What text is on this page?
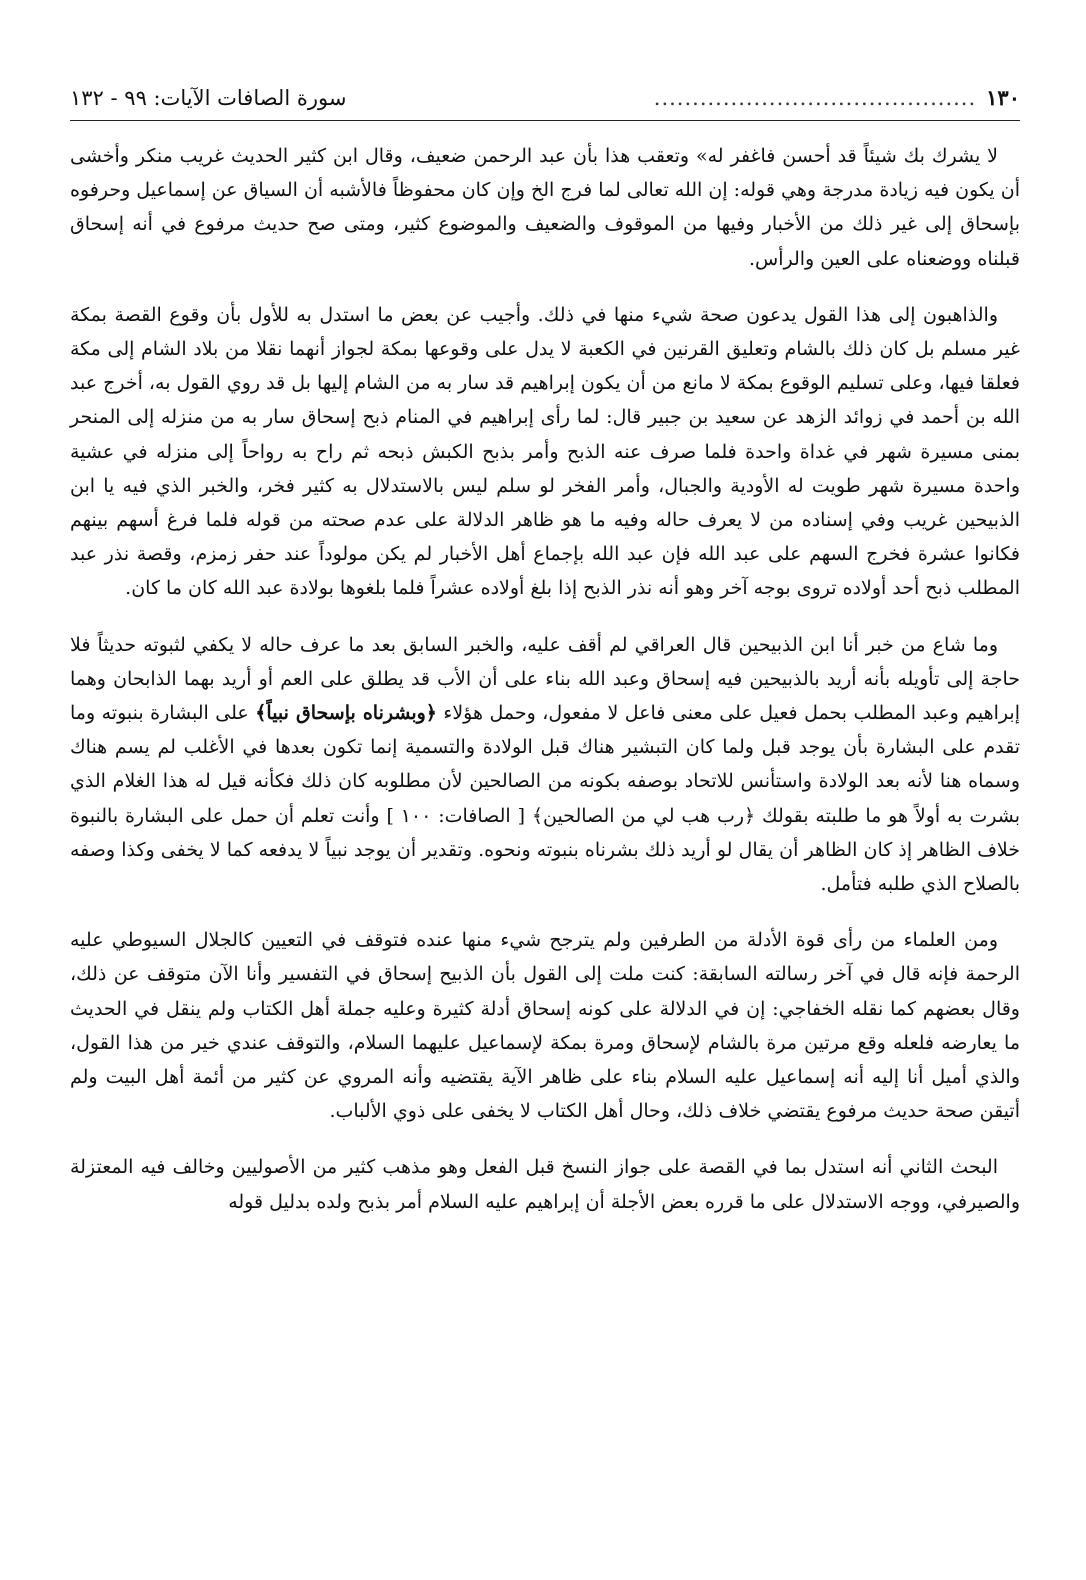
١٣٠
..........................................
سورة الصافات الآيات: ٩٩ - ١٣٢

لا يشرك بك شيئاً قد أحسن فاغفر له» وتعقب هذا بأن عبد الرحمن ضعيف، وقال ابن كثير الحديث غريب منكر وأخشى أن يكون فيه زيادة مدرجة وهي قوله: إن الله تعالى لما فرج الخ وإن كان محفوظاً فالأشبه أن السياق عن إسماعيل وحرفوه بإسحاق إلى غير ذلك من الأخبار وفيها من الموقوف والضعيف والموضوع كثير، ومتى صح حديث مرفوع في أنه إسحاق قبلناه ووضعناه على العين والرأس.

والذاهبون إلى هذا القول يدعون صحة شيء منها في ذلك. وأجيب عن بعض ما استدل به للأول بأن وقوع القصة بمكة غير مسلم بل كان ذلك بالشام وتعليق القرنين في الكعبة لا يدل على وقوعها بمكة لجواز أنهما نقلا من بلاد الشام إلى مكة فعلقا فيها، وعلى تسليم الوقوع بمكة لا مانع من أن يكون إبراهيم قد سار به من الشام إليها بل قد روي القول به، أخرج عبد الله بن أحمد في زوائد الزهد عن سعيد بن جبير قال: لما رأى إبراهيم في المنام ذبح إسحاق سار به من منزله إلى المنحر بمنى مسيرة شهر في غداة واحدة فلما صرف عنه الذبح وأمر بذبح الكبش ذبحه ثم راح به رواحاً إلى منزله في عشية واحدة مسيرة شهر طويت له الأودية والجبال، وأمر الفخر لو سلم ليس بالاستدلال به كثير فخر، والخبر الذي فيه يا ابن الذبيحين غريب وفي إسناده من لا يعرف حاله وفيه ما هو ظاهر الدلالة على عدم صحته من قوله فلما فرغ أسهم بينهم فكانوا عشرة فخرج السهم على عبد الله فإن عبد الله بإجماع أهل الأخبار لم يكن مولوداً عند حفر زمزم، وقصة نذر عبد المطلب ذبح أحد أولاده تروى بوجه آخر وهو أنه نذر الذبح إذا بلغ أولاده عشراً فلما بلغوها بولادة عبد الله كان ما كان.

وما شاع من خبر أنا ابن الذبيحين قال العراقي لم أقف عليه، والخبر السابق بعد ما عرف حاله لا يكفي لثبوته حديثاً فلا حاجة إلى تأويله بأنه أريد بالذبيحين فيه إسحاق وعبد الله بناء على أن الأب قد يطلق على العم أو أريد بهما الذابحان وهما إبراهيم وعبد المطلب بحمل فعيل على معنى فاعل لا مفعول، وحمل هؤلاء ﴿وبشرناه بإسحاق نبياً﴾ على البشارة بنبوته وما تقدم على البشارة بأن يوجد قبل ولما كان التبشير هناك قبل الولادة والتسمية إنما تكون بعدها في الأغلب لم يسم هناك وسماه هنا لأنه بعد الولادة واستأنس للاتحاد بوصفه بكونه من الصالحين لأن مطلوبه كان ذلك فكأنه قيل له هذا الغلام الذي بشرت به أولاً هو ما طلبته بقولك ﴿رب هب لي من الصالحين﴾ [ الصافات: ١٠٠ ] وأنت تعلم أن حمل على البشارة بالنبوة خلاف الظاهر إذ كان الظاهر أن يقال لو أريد ذلك بشرناه بنبوته ونحوه. وتقدير أن يوجد نبياً لا يدفعه كما لا يخفى وكذا وصفه بالصلاح الذي طلبه فتأمل.

ومن العلماء من رأى قوة الأدلة من الطرفين ولم يترجح شيء منها عنده فتوقف في التعيين كالجلال السيوطي عليه الرحمة فإنه قال في آخر رسالته السابقة: كنت ملت إلى القول بأن الذبيح إسحاق في التفسير وأنا الآن متوقف عن ذلك، وقال بعضهم كما نقله الخفاجي: إن في الدلالة على كونه إسحاق أدلة كثيرة وعليه جملة أهل الكتاب ولم ينقل في الحديث ما يعارضه فلعله وقع مرتين مرة بالشام لإسحاق ومرة بمكة لإسماعيل عليهما السلام، والتوقف عندي خير من هذا القول، والذي أميل أنا إليه أنه إسماعيل عليه السلام بناء على ظاهر الآية يقتضيه وأنه المروي عن كثير من أئمة أهل البيت ولم أتيقن صحة حديث مرفوع يقتضي خلاف ذلك، وحال أهل الكتاب لا يخفى على ذوي الألباب.

البحث الثاني أنه استدل بما في القصة على جواز النسخ قبل الفعل وهو مذهب كثير من الأصوليين وخالف فيه المعتزلة والصيرفي، ووجه الاستدلال على ما قرره بعض الأجلة أن إبراهيم عليه السلام أمر بذبح ولده بدليل قوله
